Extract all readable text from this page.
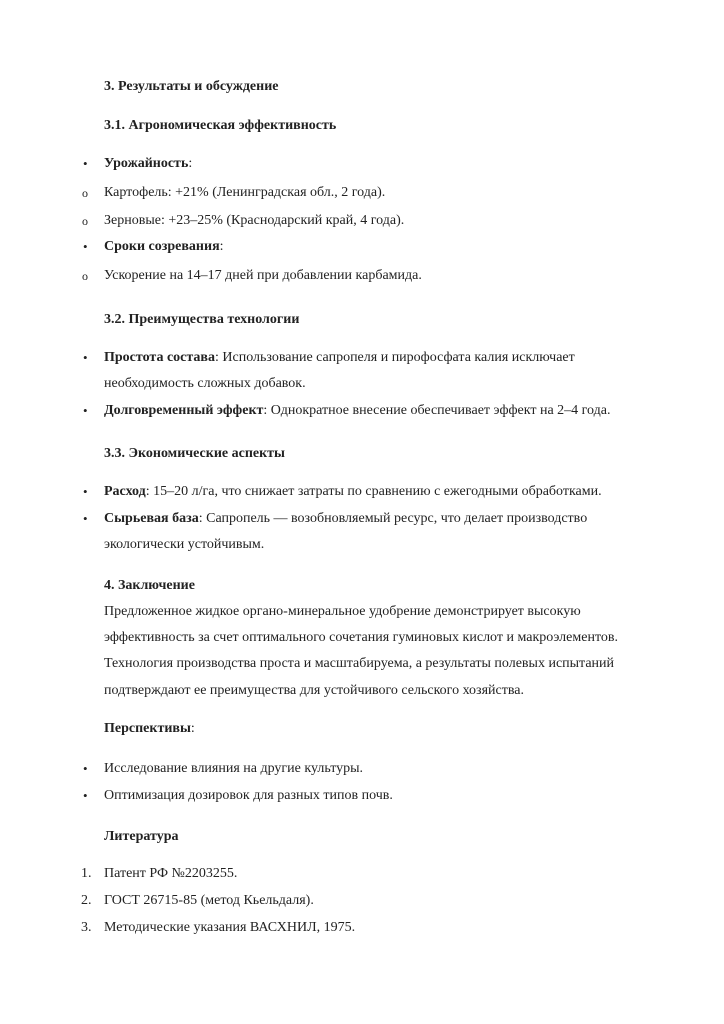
3. Результаты и обсуждение
3.1. Агрономическая эффективность
• Урожайность:
o Картофель: +21% (Ленинградская обл., 2 года).
o Зерновые: +23–25% (Краснодарский край, 4 года).
• Сроки созревания:
o Ускорение на 14–17 дней при добавлении карбамида.
3.2. Преимущества технологии
• Простота состава: Использование сапропеля и пирофосфата калия исключает
необходимость сложных добавок.
• Долговременный эффект: Однократное внесение обеспечивает эффект на 2–4 года.
3.3. Экономические аспекты
• Расход: 15–20 л/га, что снижает затраты по сравнению с ежегодными обработками.
• Сырьевая база: Сапропель — возобновляемый ресурс, что делает производство
экологически устойчивым.
4. Заключение
Предложенное жидкое органо-минеральное удобрение демонстрирует высокую
эффективность за счет оптимального сочетания гуминовых кислот и макроэлементов.
Технология производства проста и масштабируема, а результаты полевых испытаний
подтверждают ее преимущества для устойчивого сельского хозяйства.
Перспективы:
• Исследование влияния на другие культуры.
• Оптимизация дозировок для разных типов почв.
Литература
1. Патент РФ №2203255.
2. ГОСТ 26715-85 (метод Кьельдаля).
3. Методические указания ВАСХНИЛ, 1975.
